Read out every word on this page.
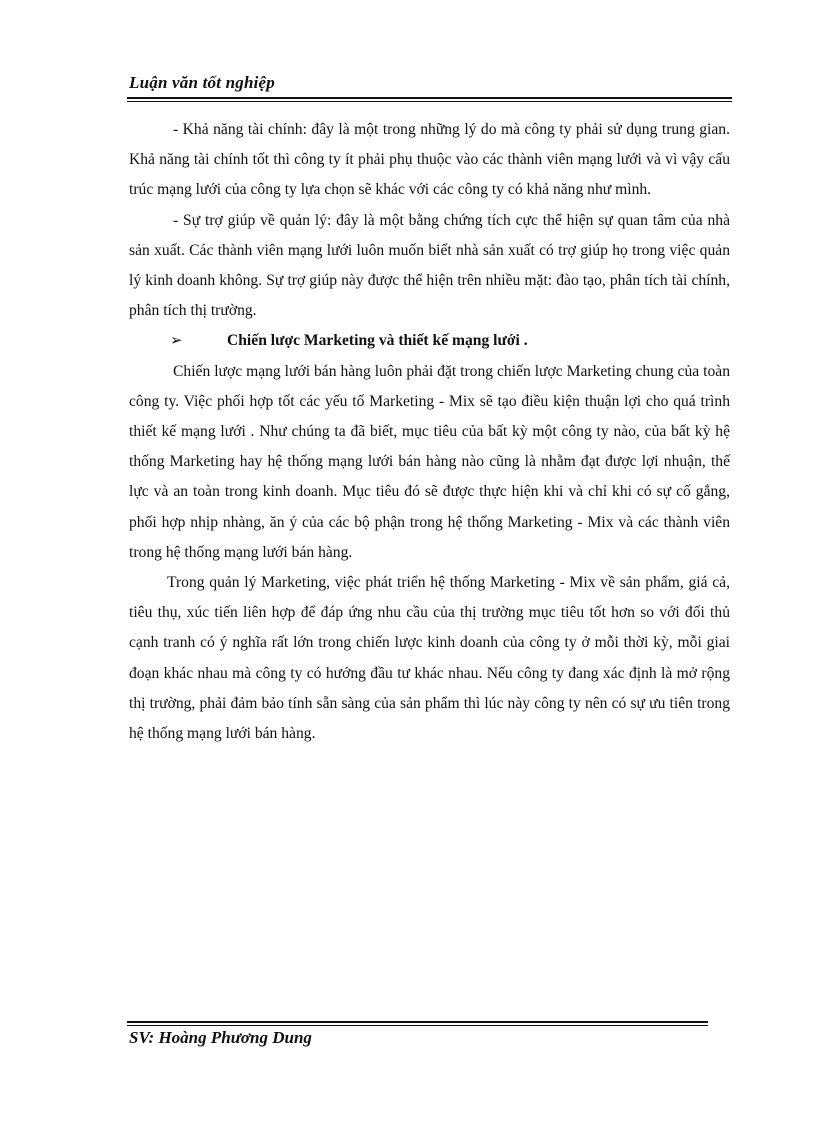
Luận văn tốt nghiệp

- Khả năng tài chính: đây là một trong những lý do mà công ty phải sử dụng trung gian. Khả năng tài chính tốt thì công ty ít phải phụ thuộc vào các thành viên mạng lưới và vì vậy cấu trúc mạng lưới của công ty lựa chọn sẽ khác với các công ty có khả năng như mình.

- Sự trợ giúp về quản lý: đây là một bằng chứng tích cực thể hiện sự quan tâm của nhà sản xuất. Các thành viên mạng lưới luôn muốn biết nhà sản xuất có trợ giúp họ trong việc quản lý kinh doanh không. Sự trợ giúp này được thể hiện trên nhiều mặt: đào tạo, phân tích tài chính, phân tích thị trường.

➢	Chiến lược Marketing và thiết kế mạng lưới .

Chiến lược mạng lưới bán hàng luôn phải đặt trong chiến lược Marketing chung của toàn công ty. Việc phối hợp tốt các yếu tố Marketing - Mix sẽ tạo điều kiện thuận lợi cho quá trình thiết kế mạng lưới . Như chúng ta đã biết, mục tiêu của bất kỳ một công ty nào, của bất kỳ hệ thống Marketing hay hệ thống mạng lưới bán hàng nào cũng là nhằm đạt được lợi nhuận, thế lực và an toàn trong kinh doanh. Mục tiêu đó sẽ được thực hiện khi và chỉ khi có sự cố gắng, phối hợp nhịp nhàng, ăn ý của các bộ phận trong hệ thống Marketing - Mix và các thành viên trong hệ thống mạng lưới bán hàng.

Trong quản lý Marketing, việc phát triển hệ thống Marketing - Mix về sản phẩm, giá cả, tiêu thụ, xúc tiến liên hợp để đáp ứng nhu cầu của thị trường mục tiêu tốt hơn so với đối thủ cạnh tranh có ý nghĩa rất lớn trong chiến lược kinh doanh của công ty ở mỗi thời kỳ, mỗi giai đoạn khác nhau mà công ty có hướng đầu tư khác nhau. Nếu công ty đang xác định là mở rộng thị trường, phải đảm bảo tính sẵn sàng của sản phẩm thì lúc này công ty nên có sự ưu tiên trong hệ thống mạng lưới bán hàng.

SV: Hoàng Phương Dung
